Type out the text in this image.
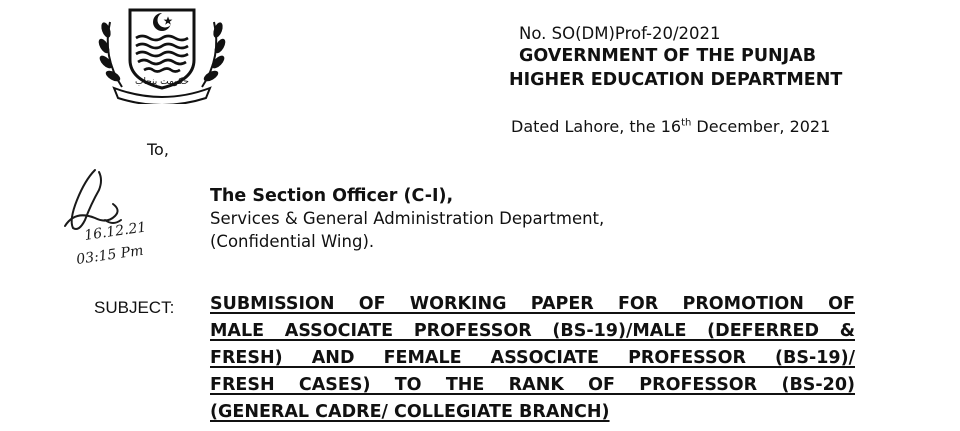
حکومت پنجاب
No. SO(DM)Prof-20/2021
GOVERNMENT OF THE PUNJAB
HIGHER EDUCATION DEPARTMENT
Dated Lahore, the 16th December, 2021
To,
16.12.21
03:15 Pm
The Section Officer (C-I),
Services & General Administration Department,
(Confidential Wing).
SUBJECT: SUBMISSION OF WORKING PAPER FOR PROMOTION OF
MALE ASSOCIATE PROFESSOR (BS-19)/MALE (DEFERRED &
FRESH) AND FEMALE ASSOCIATE PROFESSOR (BS-19)/
FRESH CASES) TO THE RANK OF PROFESSOR (BS-20)
(GENERAL CADRE/ COLLEGIATE BRANCH)
